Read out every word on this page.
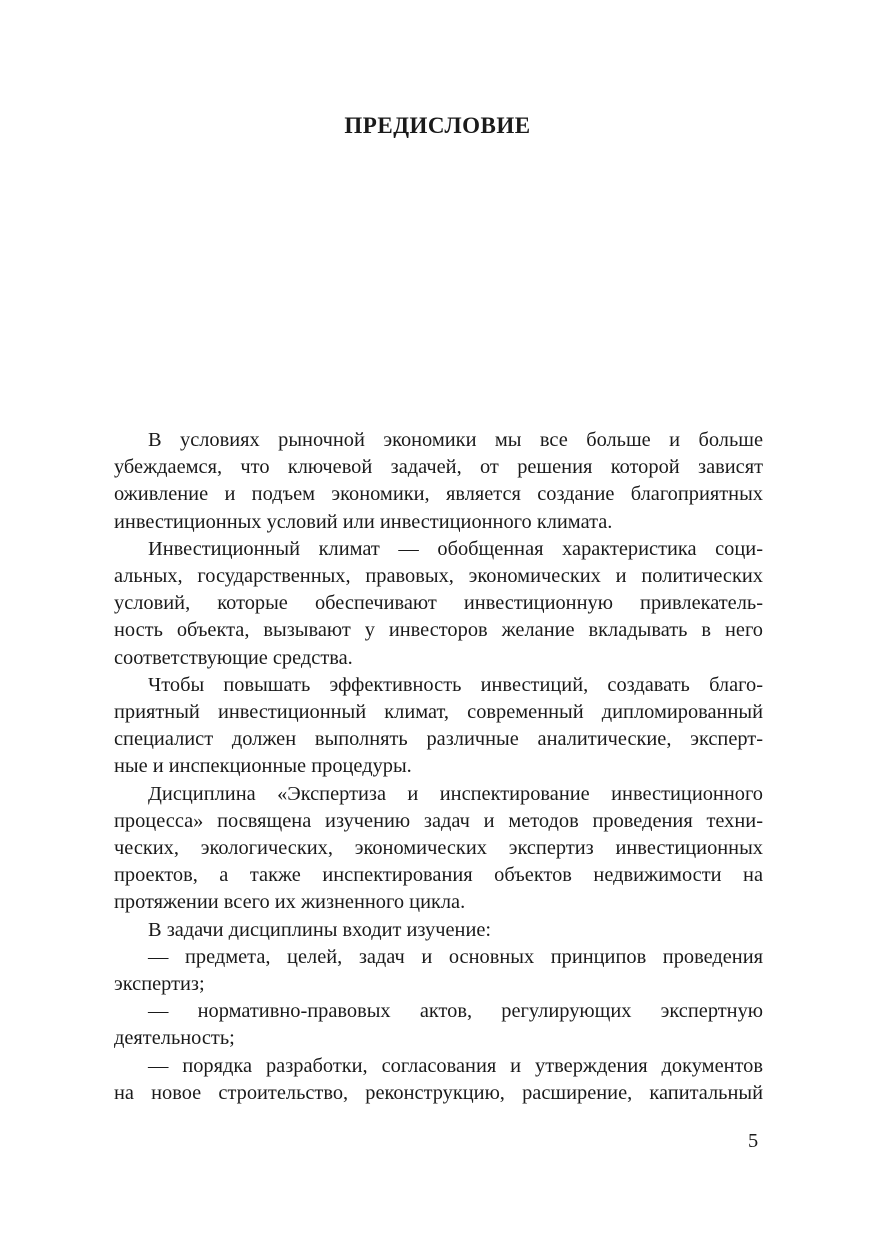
ПРЕДИСЛОВИЕ

В условиях рыночной экономики мы все больше и больше
убеждаемся, что ключевой задачей, от решения которой зависят
оживление и подъем экономики, является создание благоприятных
инвестиционных условий или инвестиционного климата.

Инвестиционный климат — обобщенная характеристика соци-
альных, государственных, правовых, экономических и политических
условий, которые обеспечивают инвестиционную привлекатель-
ность объекта, вызывают у инвесторов желание вкладывать в него
соответствующие средства.

Чтобы повышать эффективность инвестиций, создавать благо-
приятный инвестиционный климат, современный дипломированный
специалист должен выполнять различные аналитические, эксперт-
ные и инспекционные процедуры.

Дисциплина «Экспертиза и инспектирование инвестиционного
процесса» посвящена изучению задач и методов проведения техни-
ческих, экологических, экономических экспертиз инвестиционных
проектов, а также инспектирования объектов недвижимости на
протяжении всего их жизненного цикла.

В задачи дисциплины входит изучение:

— предмета, целей, задач и основных принципов проведения
экспертиз;

— нормативно-правовых актов, регулирующих экспертную
деятельность;

— порядка разработки, согласования и утверждения документов
на новое строительство, реконструкцию, расширение, капитальный

5
